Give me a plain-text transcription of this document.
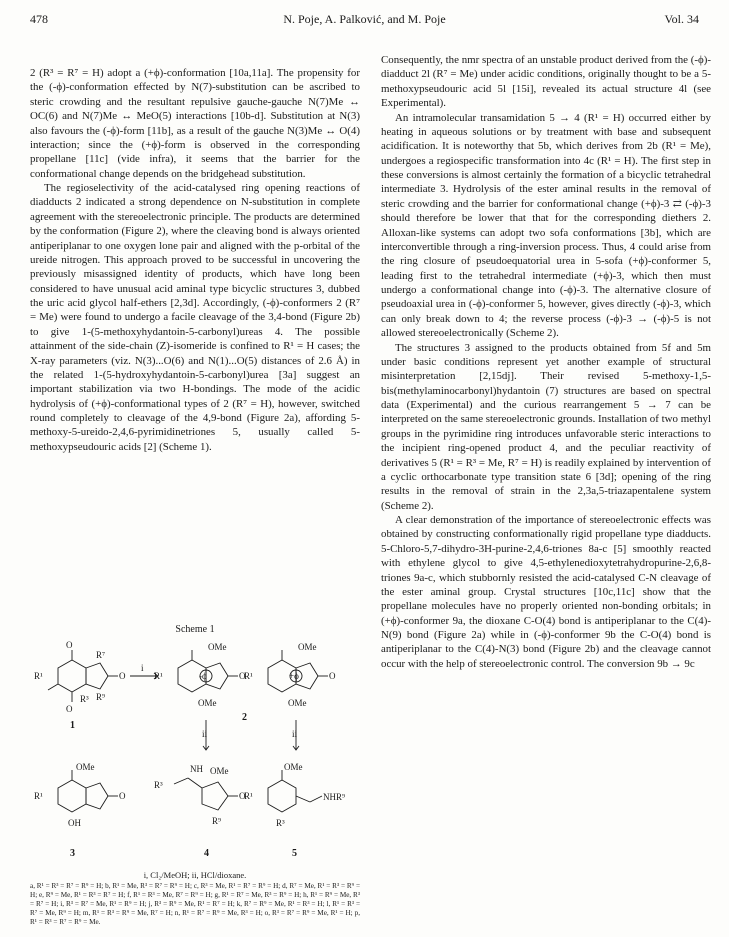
478	N. Poje, A. Palković, and M. Poje	Vol. 34

2 (R³ = R⁷ = H) adopt a (+ϕ)-conformation [10a,11a]. The propensity for the (-ϕ)-conformation effected by N(7)-substitution can be ascribed to steric crowding and the resultant repulsive gauche-gauche N(7)Me ↔ OC(6) and N(7)Me ↔ MeO(5) interactions [10b-d]. Substitution at N(3) also favours the (-ϕ)-form [11b], as a result of the gauche N(3)Me ↔ O(4) interaction; since the (+ϕ)-form is observed in the corresponding propellane [11c] (vide infra), it seems that the barrier for the conformational change depends on the bridgehead substitution.

The regioselectivity of the acid-catalysed ring opening reactions of diadducts 2 indicated a strong dependence on N-substitution in complete agreement with the stereoelectronic principle. The products are determined by the conformation (Figure 2), where the cleaving bond is always oriented antiperiplanar to one oxygen lone pair and aligned with the p-orbital of the ureide nitrogen. This approach proved to be successful in uncovering the previously misassigned identity of products, which have long been considered to have unusual acid aminal type bicyclic structures 3, dubbed the uric acid glycol half-ethers [2,3d]. Accordingly, (-ϕ)-conformers 2 (R⁷ = Me) were found to undergo a facile cleavage of the 3,4-bond (Figure 2b) to give 1-(5-methoxyhydantoin-5-carbonyl)ureas 4. The possible attainment of the side-chain (Z)-isomeride is confined to R¹ = H cases; the X-ray parameters (viz. N(3)...O(6) and N(1)...O(5) distances of 2.6 Å) in the related 1-(5-hydroxyhydantoin-5-carbonyl)urea [3a] suggest an important stabilization via two H-bondings. The mode of the acidic hydrolysis of (+ϕ)-conformational types of 2 (R⁷ = H), however, switched round completely to cleavage of the 4,9-bond (Figure 2a), affording 5-methoxy-5-ureido-2,4,6-pyrimidinetriones 5, usually called 5-methoxypseudouric acids [2] (Scheme 1).

Consequently, the nmr spectra of an unstable product derived from the (-ϕ)-diadduct 2l (R⁷ = Me) under acidic conditions, originally thought to be a 5-methoxypseudouric acid 5l [15i], revealed its actual structure 4l (see Experimental).

An intramolecular transamidation 5 → 4 (R¹ = H) occurred either by heating in aqueous solutions or by treatment with base and subsequent acidification. It is noteworthy that 5b, which derives from 2b (R¹ = Me), undergoes a regiospecific transformation into 4c (R¹ = H). The first step in these conversions is almost certainly the formation of a bicyclic tetrahedral intermediate 3. Hydrolysis of the ester aminal results in the removal of steric crowding and the barrier for conformational change (+ϕ)-3 ⇄ (-ϕ)-3 should therefore be lower that that for the corresponding diethers 2. Alloxan-like systems can adopt two sofa conformations [3b], which are interconvertible through a ring-inversion process. Thus, 4 could arise from the ring closure of pseudoequatorial urea in 5-sofa (+ϕ)-conformer 5, leading first to the tetrahedral intermediate (+ϕ)-3, which then must undergo a conformational change into (-ϕ)-3. The alternative closure of pseudoaxial urea in (-ϕ)-conformer 5, however, gives directly (-ϕ)-3, which can only break down to 4; the reverse process (-ϕ)-3 → (-ϕ)-5 is not allowed stereoelectronically (Scheme 2).

The structures 3 assigned to the products obtained from 5f and 5m under basic conditions represent yet another example of structural misinterpretation [2,15dj]. Their revised 5-methoxy-1,5-bis(methylaminocarbonyl)hydantoin (7) structures are based on spectral data (Experimental) and the curious rearrangement 5 → 7 can be interpreted on the same stereoelectronic grounds. Installation of two methyl groups in the pyrimidine ring introduces unfavorable steric interactions to the incipient ring-opened product 4, and the peculiar reactivity of derivatives 5 (R¹ = R³ = Me, R⁷ = H) is readily explained by intervention of a cyclic orthocarbonate type transition state 6 [3d]; opening of the ring results in the removal of strain in the 2,3a,5-triazapentalene system (Scheme 2).

A clear demonstration of the importance of stereoelectronic effects was obtained by constructing conformationally rigid propellane type diadducts. 5-Chloro-5,7-dihydro-3H-purine-2,4,6-triones 8a-c [5] smoothly reacted with ethylene glycol to give 4,5-ethylenedioxytetrahydropurine-2,6,8-triones 9a-c, which stubbornly resisted the acid-catalysed C-N cleavage of the ester aminal group. Crystal structures [10c,11c] show that the propellane molecules have no properly oriented non-bonding orbitals; in (+ϕ)-conformer 9a, the dioxane C-O(4) bond is antiperiplanar to the C(4)-N(9) bond (Figure 2a) while in (-ϕ)-conformer 9b the C-O(4) bond is antiperiplanar to the C(4)-N(3) bond (Figure 2b) and the cleavage cannot occur with the help of stereoelectronic control. The conversion 9b → 9c

Scheme 1
R¹
O
O
O
R⁷
R³ R⁹
i
R¹
OMe
-ϕ	O
OMe
R¹
OMe
+ϕ	O
OMe
ii	ii
R¹
OMe
O
OH
R³
NH OMe
O
R⁹
R¹
OMe
NHR⁹
R³
1
2
3	4	5
i, Cl₂/MeOH; ii, HCl/dioxane.
a, R¹ = R³ = R⁷ = R⁹ = H; b, R¹ = Me, R³ = R⁷ = R⁹ = H; c, R³ = Me, R¹ = R⁷ = R⁹ = H; d, R⁷ = Me, R¹ = R³ = R⁹ = H; e, R⁹ = Me, R¹ = R³ = R⁷ = H; f, R¹ = R³ = Me, R⁷ = R⁹ = H; g, R¹ = R⁷ = Me, R³ = R⁹ = H; h, R¹ = R⁹ = Me, R³ = R⁷ = H; i, R³ = R⁷ = Me, R¹ = R⁹ = H; j, R³ = R⁹ = Me, R¹ = R⁷ = H; k, R⁷ = R⁹ = Me, R¹ = R³ = H; l, R¹ = R³ = R⁷ = Me, R⁹ = H; m, R¹ = R³ = R⁹ = Me, R⁷ = H; n, R¹ = R⁷ = R⁹ = Me, R³ = H; o, R³ = R⁷ = R⁹ = Me, R¹ = H; p, R¹ = R³ = R⁷ = R⁹ = Me.
